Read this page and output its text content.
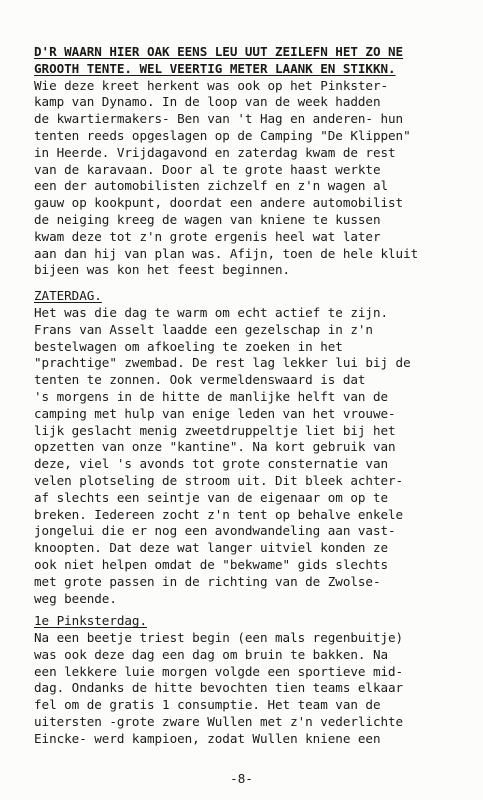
D'R WAARN HIER OAK EENS LEU UUT ZEILEFN HET ZO NE
GROOTH TENTE. WEL VEERTIG METER LAANK EN STIKKN.
Wie deze kreet herkent was ook op het Pinkster-
kamp van Dynamo. In de loop van de week hadden
de kwartiermakers- Ben van 't Hag en anderen- hun
tenten reeds opgeslagen op de Camping "De Klippen"
in Heerde. Vrijdagavond en zaterdag kwam de rest
van de karavaan. Door al te grote haast werkte
een der automobilisten zichzelf en z'n wagen al
gauw op kookpunt, doordat een andere automobilist
de neiging kreeg de wagen van kniene te kussen
kwam deze tot z'n grote ergenis heel wat later
aan dan hij van plan was. Afijn, toen de hele kluit
bijeen was kon het feest beginnen.
ZATERDAG.
Het was die dag te warm om echt actief te zijn.
Frans van Asselt laadde een gezelschap in z'n
bestelwagen om afkoeling te zoeken in het
"prachtige" zwembad. De rest lag lekker lui bij de
tenten te zonnen. Ook vermeldenswaard is dat
's morgens in de hitte de manlijke helft van de
camping met hulp van enige leden van het vrouwe-
lijk geslacht menig zweetdruppeltje liet bij het
opzetten van onze "kantine". Na kort gebruik van
deze, viel 's avonds tot grote consternatie van
velen plotseling de stroom uit. Dit bleek achter-
af slechts een seintje van de eigenaar om op te
breken. Iedereen zocht z'n tent op behalve enkele
jongelui die er nog een avondwandeling aan vast-
knoopten. Dat deze wat langer uitviel konden ze
ook niet helpen omdat de "bekwame" gids slechts
met grote passen in de richting van de Zwolse-
weg beende.
1e Pinksterdag.
Na een beetje triest begin (een mals regenbuitje)
was ook deze dag een dag om bruin te bakken. Na
een lekkere luie morgen volgde een sportieve mid-
dag. Ondanks de hitte bevochten tien teams elkaar
fel om de gratis 1 consumptie. Het team van de
uitersten -grote zware Wullen met z'n vederlichte
Eincke- werd kampioen, zodat Wullen kniene een
-8-
